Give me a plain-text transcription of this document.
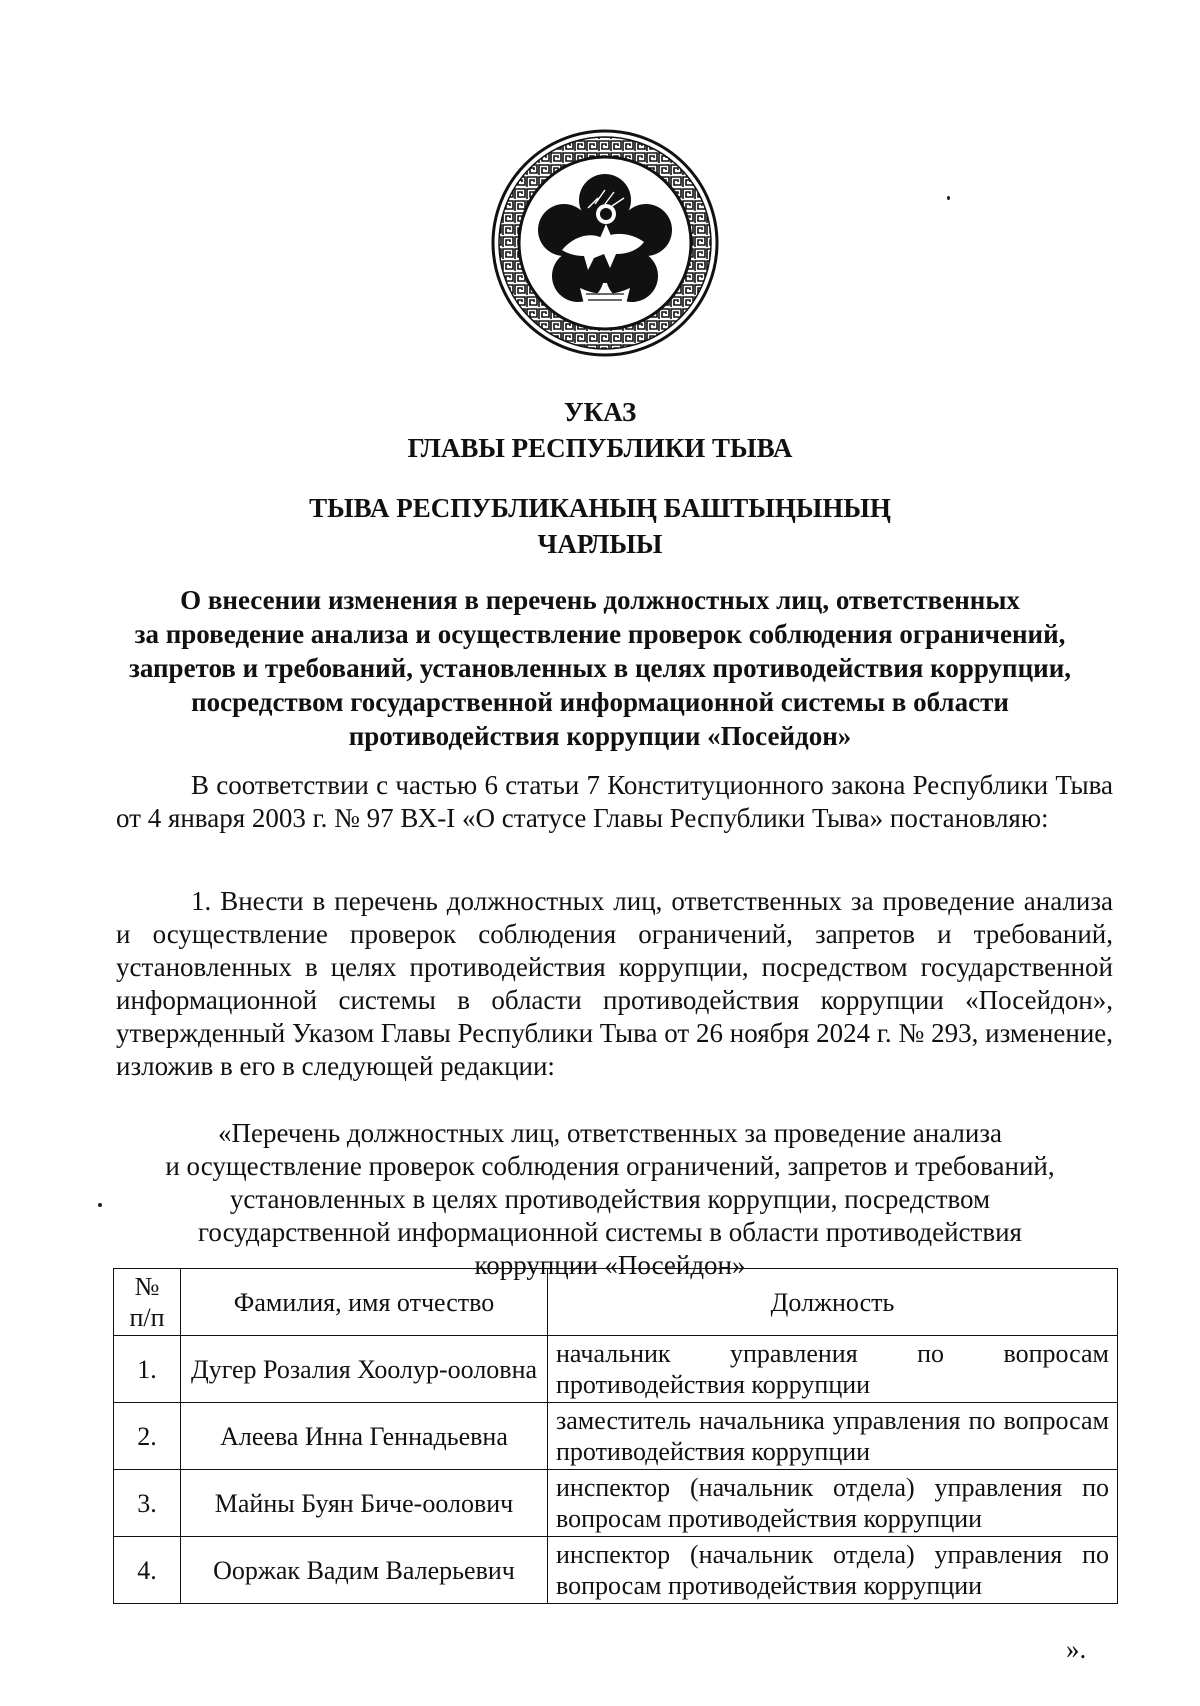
УКАЗ
ГЛАВЫ РЕСПУБЛИКИ ТЫВА
ТЫВА РЕСПУБЛИКАНЫҢ БАШТЫҢЫНЫҢ
ЧАРЛЫЫ
О внесении изменения в перечень должностных лиц, ответственных
за проведение анализа и осуществление проверок соблюдения ограничений,
запретов и требований, установленных в целях противодействия коррупции,
посредством государственной информационной системы в области
противодействия коррупции «Посейдон»

В соответствии с частью 6 статьи 7 Конституционного закона Республики Тыва от 4 января 2003 г. № 97 ВХ-I «О статусе Главы Республики Тыва» постановляю:

1. Внести в перечень должностных лиц, ответственных за проведение анализа и осуществление проверок соблюдения ограничений, запретов и требований, установленных в целях противодействия коррупции, посредством государственной информационной системы в области противодействия коррупции «Посейдон», утвержденный Указом Главы Республики Тыва от 26 ноября 2024 г. № 293, изменение, изложив в его в следующей редакции:

«Перечень должностных лиц, ответственных за проведение анализа
и осуществление проверок соблюдения ограничений, запретов и требований,
установленных в целях противодействия коррупции, посредством
государственной информационной системы в области противодействия
коррупции «Посейдон»
№
п/п	Фамилия, имя отчество	Должность
1.	Дугер Розалия Хоолур-ооловна	начальник управления по вопросам противодействия коррупции
2.	Алеева Инна Геннадьевна	заместитель начальника управления по вопросам противодействия коррупции
3.	Майны Буян Биче-оолович	инспектор (начальник отдела) управления по вопросам противодействия коррупции
4.	Ооржак Вадим Валерьевич	инспектор (начальник отдела) управления по вопросам противодействия коррупции
».
